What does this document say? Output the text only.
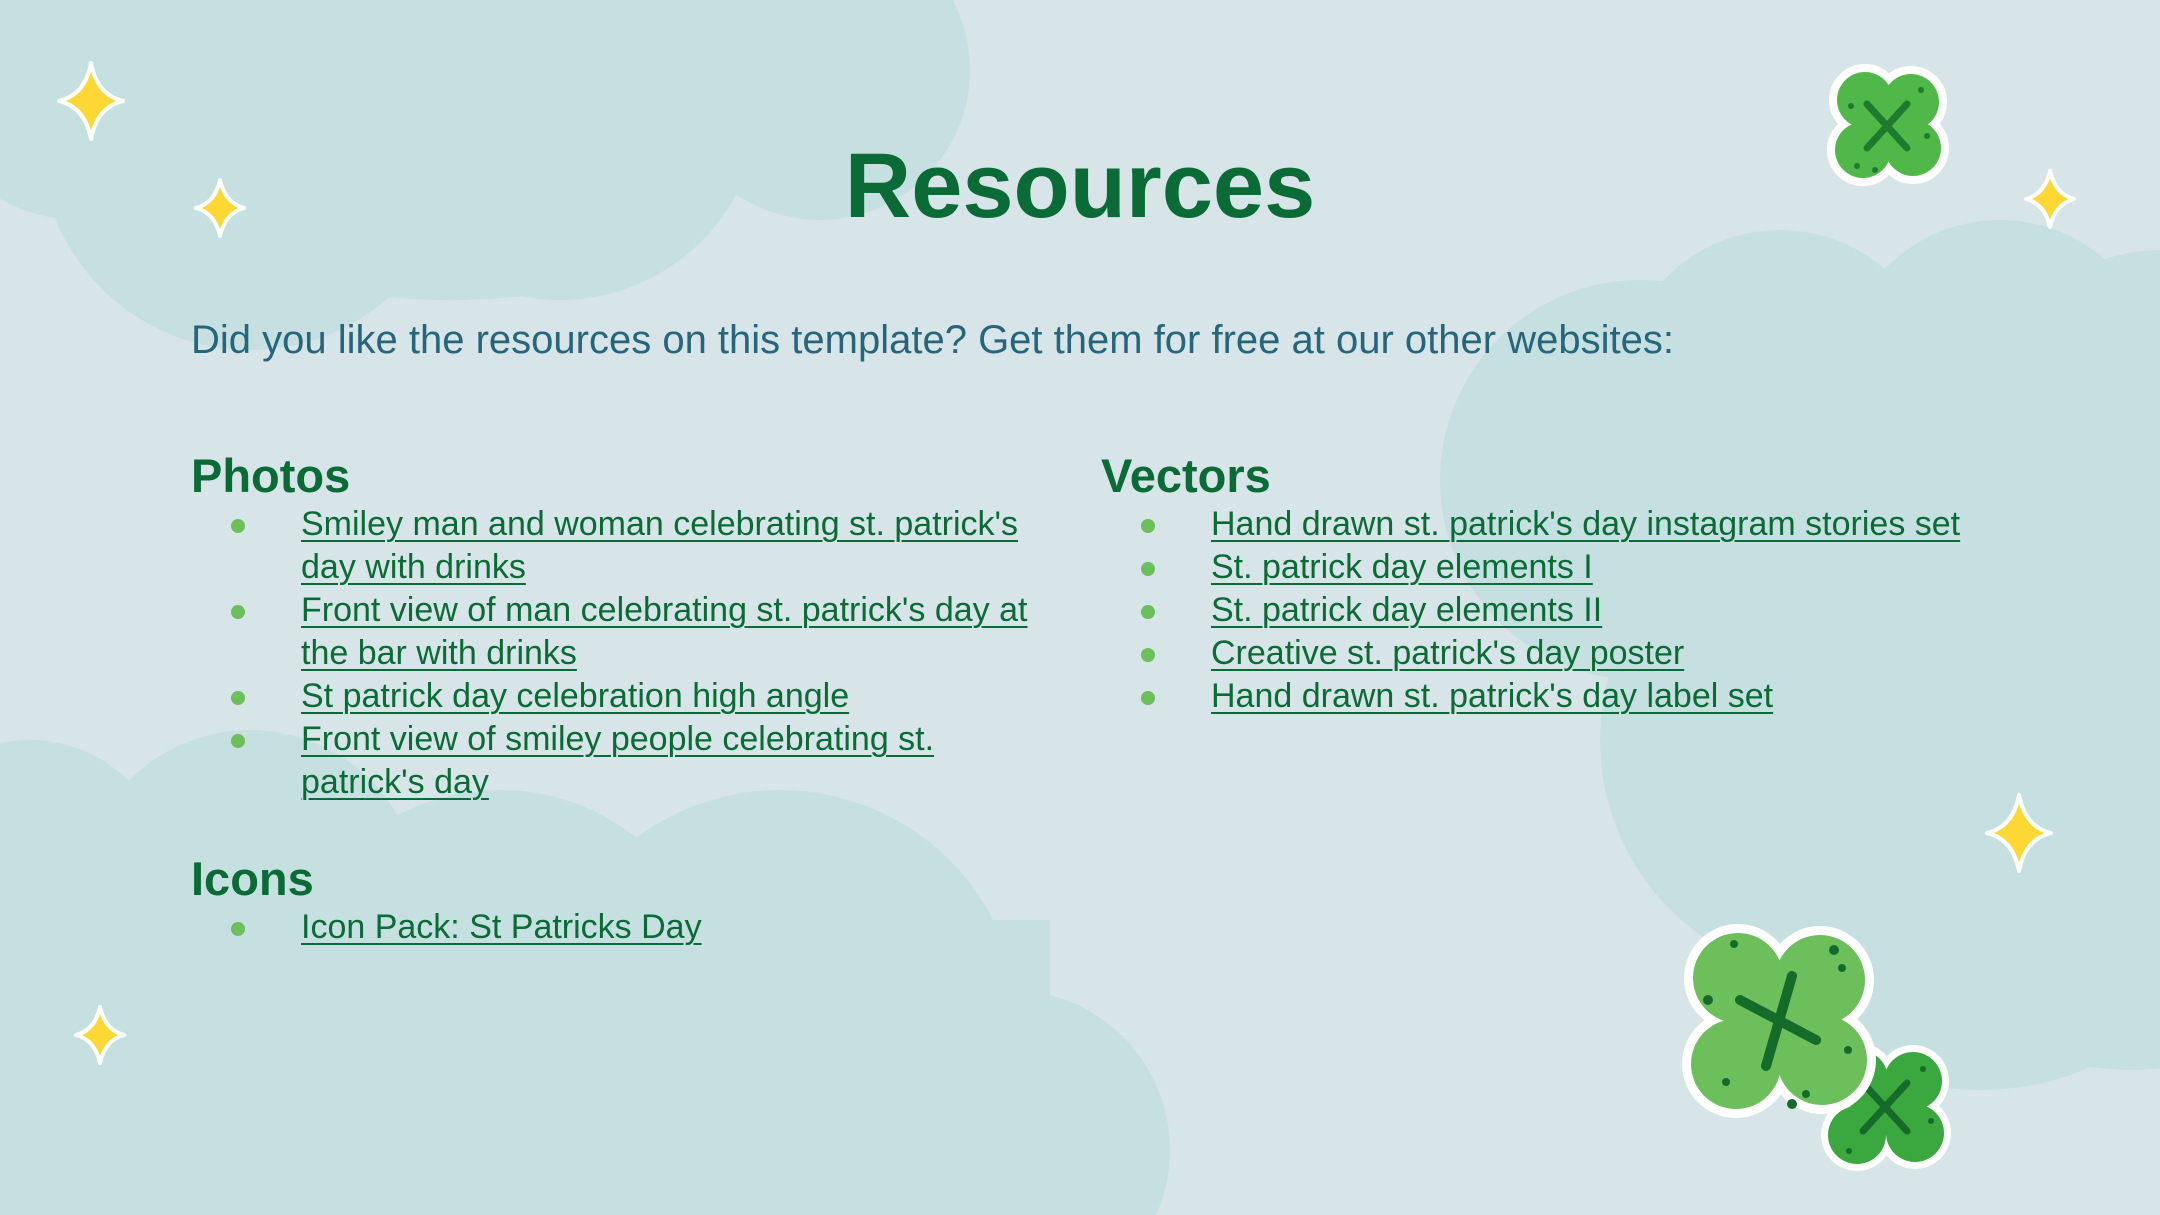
Resources

Did you like the resources on this template? Get them for free at our other websites:

Photos
Smiley man and woman celebrating st. patrick's day with drinks
Front view of man celebrating st. patrick's day at the bar with drinks
St patrick day celebration high angle
Front view of smiley people celebrating st. patrick's day
Icons
Icon Pack: St Patricks Day
Vectors
Hand drawn st. patrick's day instagram stories set
St. patrick day elements I
St. patrick day elements II
Creative st. patrick's day poster
Hand drawn st. patrick's day label set
